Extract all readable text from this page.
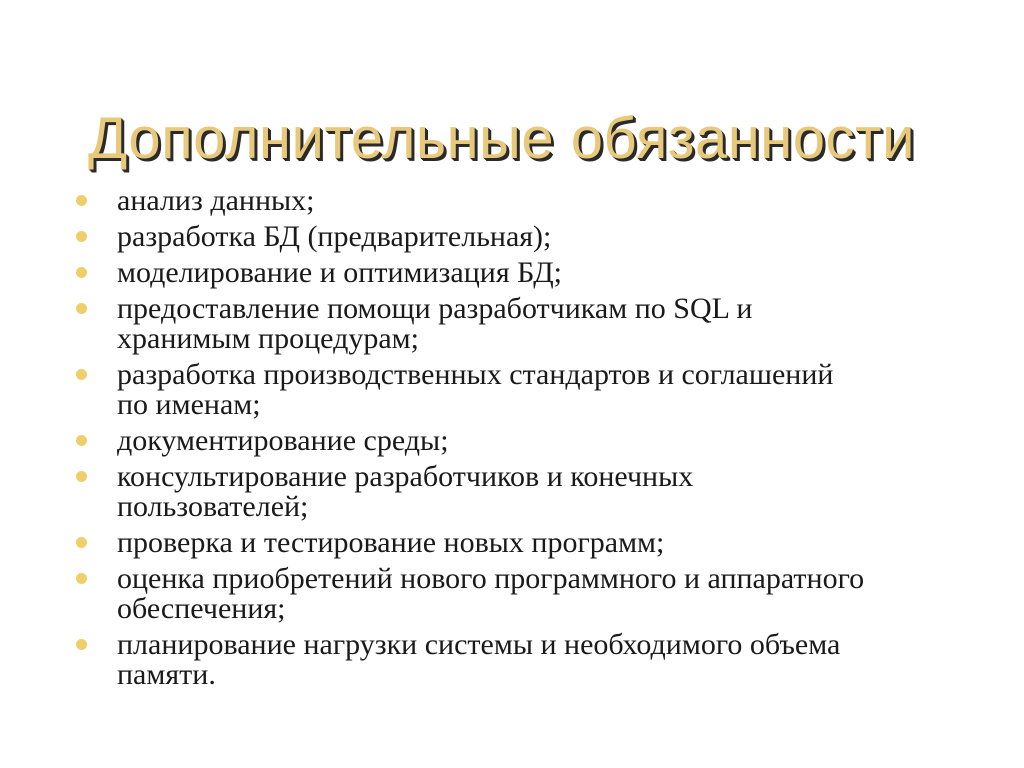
Дополнительные обязанности
анализ данных;
разработка БД (предварительная);
моделирование и оптимизация БД;
предоставление помощи разработчикам по SQL и
хранимым процедурам;
разработка производственных стандартов и соглашений
по именам;
документирование среды;
консультирование разработчиков и конечных
пользователей;
проверка и тестирование новых программ;
оценка приобретений нового программного и аппаратного
обеспечения;
планирование нагрузки системы и необходимого объема
памяти.
